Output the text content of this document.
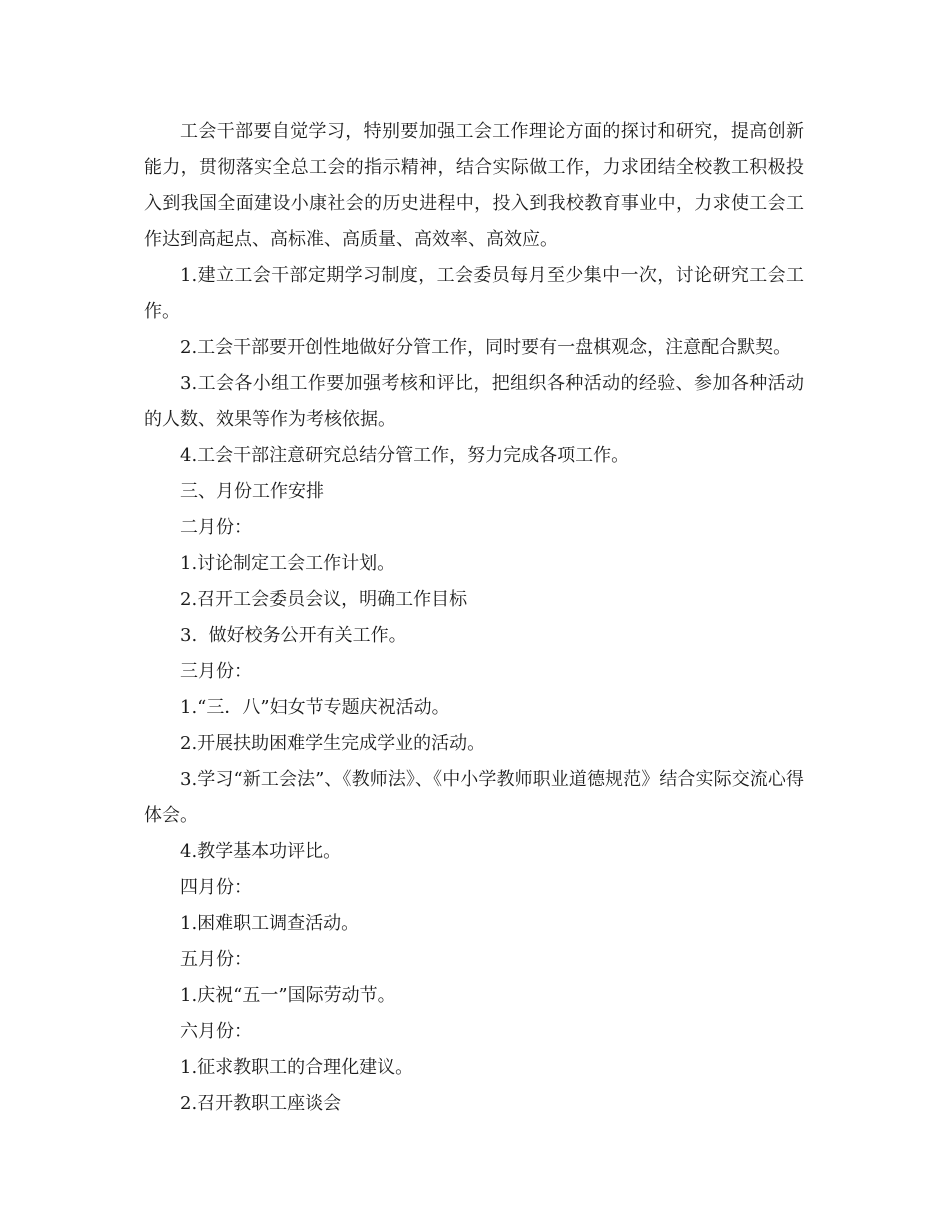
工会干部要自觉学习，特别要加强工会工作理论方面的探讨和研究，提高创新能力，贯彻落实全总工会的指示精神，结合实际做工作，力求团结全校教工积极投入到我国全面建设小康社会的历史进程中，投入到我校教育事业中，力求使工会工作达到高起点、高标准、高质量、高效率、高效应。

1.建立工会干部定期学习制度，工会委员每月至少集中一次，讨论研究工会工作。

2.工会干部要开创性地做好分管工作，同时要有一盘棋观念，注意配合默契。

3.工会各小组工作要加强考核和评比，把组织各种活动的经验、参加各种活动的人数、效果等作为考核依据。

4.工会干部注意研究总结分管工作，努力完成各项工作。

三、月份工作安排

二月份：

1.讨论制定工会工作计划。

2.召开工会委员会议，明确工作目标

3.  做好校务公开有关工作。

三月份：

1.“三．八”妇女节专题庆祝活动。

2.开展扶助困难学生完成学业的活动。

3.学习“新工会法”、《教师法》、《中小学教师职业道德规范》结合实际交流心得体会。

4.教学基本功评比。

四月份：

1.困难职工调查活动。

五月份：

1.庆祝“五一”国际劳动节。

六月份：

1.征求教职工的合理化建议。

2.召开教职工座谈会
